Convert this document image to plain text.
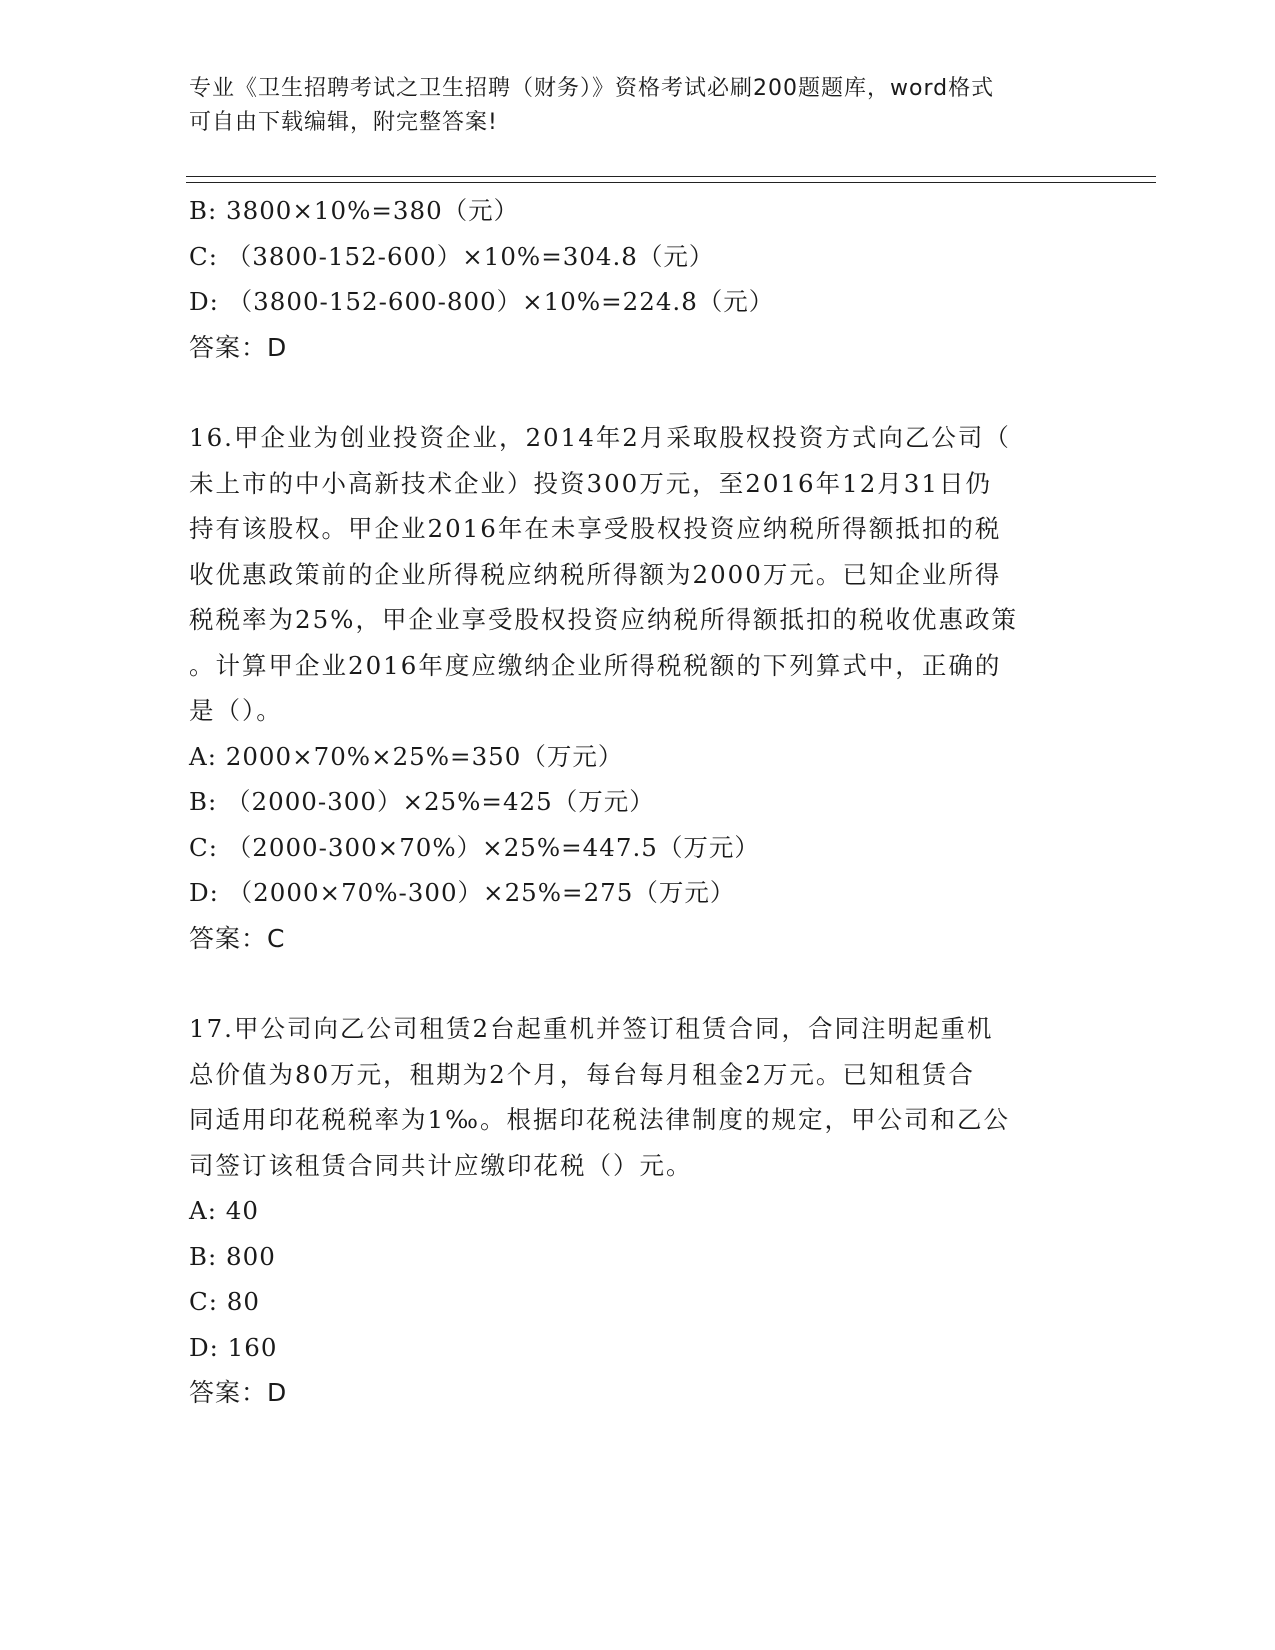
专业《卫生招聘考试之卫生招聘（财务）》资格考试必刷200题题库，word格式
可自由下载编辑，附完整答案!
B: 3800×10%=380（元）
C: （3800-152-600）×10%=304.8（元）
D: （3800-152-600-800）×10%=224.8（元）
答案：D
16.甲企业为创业投资企业，2014年2月采取股权投资方式向乙公司（
未上市的中小高新技术企业）投资300万元，至2016年12月31日仍
持有该股权。甲企业2016年在未享受股权投资应纳税所得额抵扣的税
收优惠政策前的企业所得税应纳税所得额为2000万元。已知企业所得
税税率为25%，甲企业享受股权投资应纳税所得额抵扣的税收优惠政策
。计算甲企业2016年度应缴纳企业所得税税额的下列算式中，正确的
是（）。
A: 2000×70%×25%=350（万元）
B: （2000-300）×25%=425（万元）
C: （2000-300×70%）×25%=447.5（万元）
D: （2000×70%-300）×25%=275（万元）
答案：C
17.甲公司向乙公司租赁2台起重机并签订租赁合同，合同注明起重机
总价值为80万元，租期为2个月，每台每月租金2万元。已知租赁合
同适用印花税税率为1‰。根据印花税法律制度的规定，甲公司和乙公
司签订该租赁合同共计应缴印花税（）元。
A: 40
B: 800
C: 80
D: 160
答案：D
